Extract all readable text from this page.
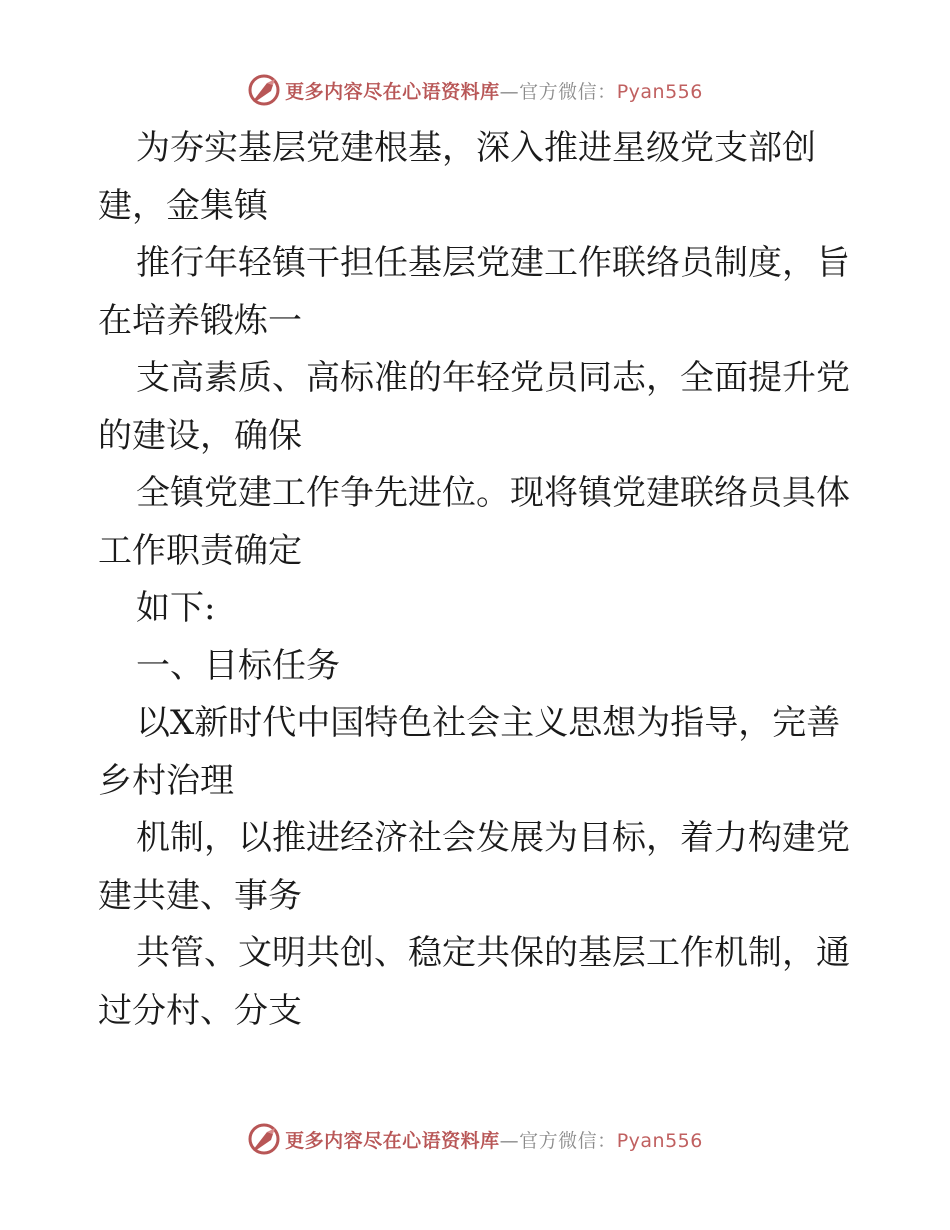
更多内容尽在心语资料库—官方微信：Pyan556
为夯实基层党建根基，深入推进星级党支部创
建，金集镇
推行年轻镇干担任基层党建工作联络员制度，旨
在培养锻炼一
支高素质、高标准的年轻党员同志，全面提升党
的建设，确保
全镇党建工作争先进位。现将镇党建联络员具体
工作职责确定
如下:
一、目标任务
以X新时代中国特色社会主义思想为指导，完善
乡村治理
机制，以推进经济社会发展为目标，着力构建党
建共建、事务
共管、文明共创、稳定共保的基层工作机制，通
过分村、分支
更多内容尽在心语资料库—官方微信：Pyan556
